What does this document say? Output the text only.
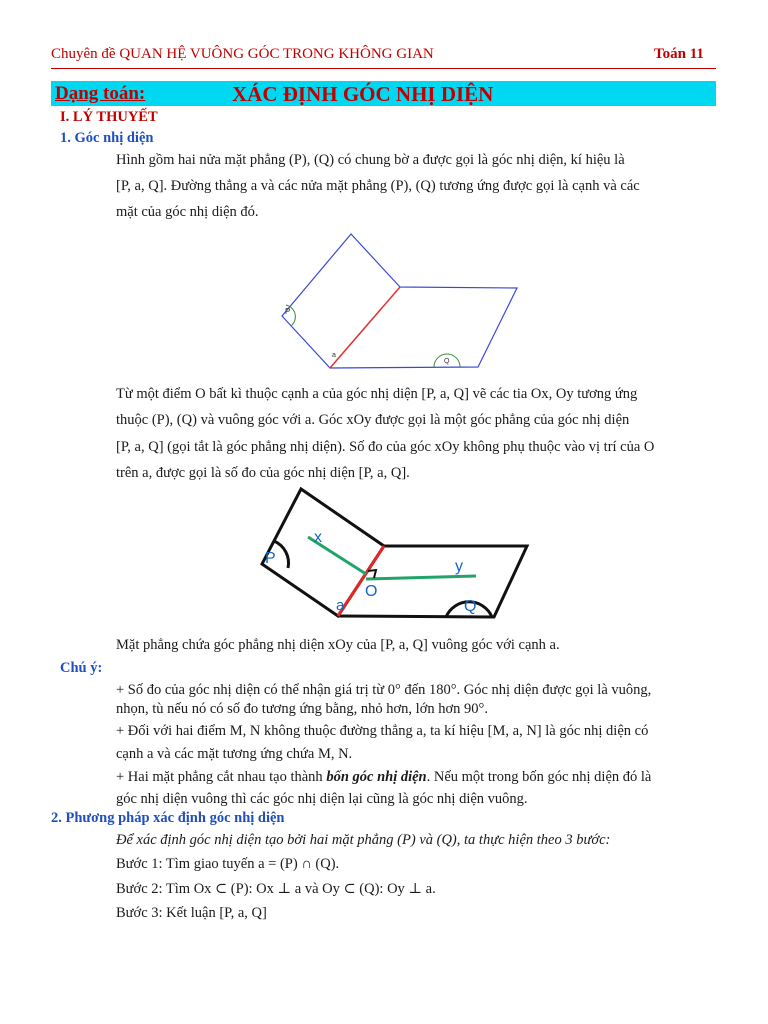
Chuyên đề QUAN HỆ VUÔNG GÓC TRONG KHÔNG GIAN	Toán 11
Dạng toán:	XÁC ĐỊNH GÓC NHỊ DIỆN
I. LÝ THUYẾT
1. Góc nhị diện
Hình gồm hai nửa mặt phẳng (P), (Q) có chung bờ a được gọi là góc nhị diện, kí hiệu là
[P, a, Q]. Đường thẳng a và các nửa mặt phẳng (P), (Q) tương ứng được gọi là cạnh và các
mặt của góc nhị diện đó.
P
Q
a
Từ một điểm O bất kì thuộc cạnh a của góc nhị diện [P, a, Q] vẽ các tia Ox, Oy tương ứng
thuộc (P), (Q) và vuông góc với a. Góc xOy được gọi là một góc phẳng của góc nhị diện
[P, a, Q] (gọi tắt là góc phẳng nhị diện). Số đo của góc xOy không phụ thuộc vào vị trí của O
trên a, được gọi là số đo của góc nhị diện [P, a, Q].
P
Q
a
O
x
y
Mặt phẳng chứa góc phẳng nhị diện xOy của [P, a, Q] vuông góc với cạnh a.
Chú ý:
+ Số đo của góc nhị diện có thể nhận giá trị từ 0° đến 180°. Góc nhị diện được gọi là vuông,
nhọn, tù nếu nó có số đo tương ứng bằng, nhỏ hơn, lớn hơn 90°.
+ Đối với hai điểm M, N không thuộc đường thẳng a, ta kí hiệu [M, a, N] là góc nhị diện có
cạnh a và các mặt tương ứng chứa M, N.
+ Hai mặt phẳng cắt nhau tạo thành bốn góc nhị diện. Nếu một trong bốn góc nhị diện đó là
góc nhị diện vuông thì các góc nhị diện lại cũng là góc nhị diện vuông.
2. Phương pháp xác định góc nhị diện
Để xác định góc nhị diện tạo bởi hai mặt phẳng (P) và (Q), ta thực hiện theo 3 bước:
Bước 1: Tìm giao tuyến a = (P) ∩ (Q).
Bước 2: Tìm Ox ⊂ (P): Ox ⊥ a và Oy ⊂ (Q): Oy ⊥ a.
Bước 3: Kết luận [P, a, Q]
